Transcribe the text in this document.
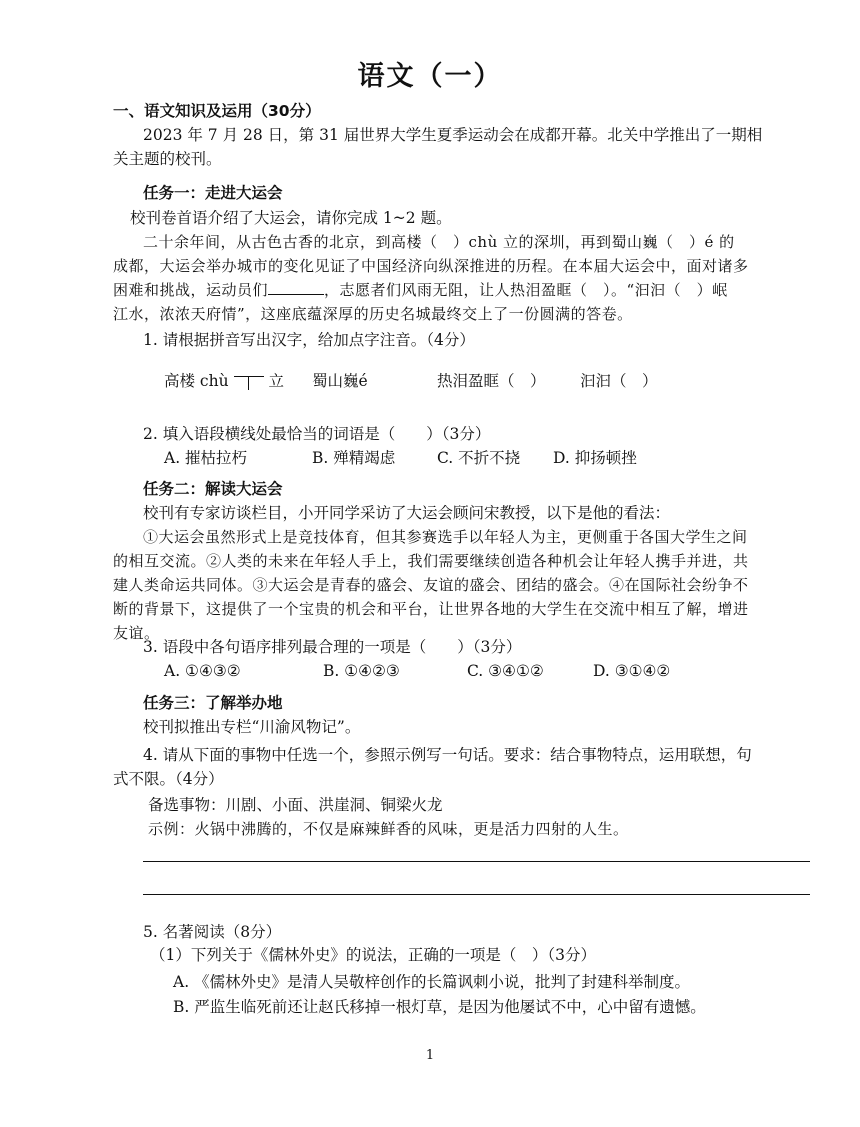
语文（一）
一、语文知识及运用（30分）
2023 年 7 月 28 日，第 31 届世界大学生夏季运动会在成都开幕。北关中学推出了一期相
关主题的校刊。
任务一：走进大运会
校刊卷首语介绍了大运会，请你完成 1~2 题。
二十余年间，从古色古香的北京，到高楼（　）chù 立的深圳，再到蜀山巍（　）é 的
成都，大运会举办城市的变化见证了中国经济向纵深推进的历程。在本届大运会中，面对诸多
困难和挑战，运动员们	，志愿者们风雨无阻，让人热泪盈眶（　）。“汩汩（　）岷
江水，浓浓天府情”，这座底蕴深厚的历史名城最终交上了一份圆满的答卷。
1. 请根据拼音写出汉字，给加点字注音。（4分）
高楼 chù	立 蜀山巍é	热泪盈眶（　） 汩汩（　）
2. 填入语段横线处最恰当的词语是（　　）（3分）
A. 摧枯拉朽	B. 殚精竭虑	C. 不折不挠 D. 抑扬顿挫
任务二：解读大运会
校刊有专家访谈栏目，小开同学采访了大运会顾问宋教授，以下是他的看法：
①大运会虽然形式上是竞技体育，但其参赛选手以年轻人为主，更侧重于各国大学生之间
的相互交流。②人类的未来在年轻人手上，我们需要继续创造各种机会让年轻人携手并进，共
建人类命运共同体。③大运会是青春的盛会、友谊的盛会、团结的盛会。④在国际社会纷争不
断的背景下，这提供了一个宝贵的机会和平台，让世界各地的大学生在交流中相互了解，增进
友谊。
3. 语段中各句语序排列最合理的一项是（　　）（3分）
A. ①④③②	B. ①④②③	C. ③④①②	D. ③①④②
任务三：了解举办地
校刊拟推出专栏“川渝风物记”。
4. 请从下面的事物中任选一个，参照示例写一句话。要求：结合事物特点，运用联想，句
式不限。（4分）
备选事物：川剧、小面、洪崖洞、铜梁火龙
示例：火锅中沸腾的，不仅是麻辣鲜香的风味，更是活力四射的人生。
5. 名著阅读（8分）
（1）下列关于《儒林外史》的说法，正确的一项是（　）（3分）
A. 《儒林外史》是清人吴敬梓创作的长篇讽刺小说，批判了封建科举制度。
B. 严监生临死前还让赵氏移掉一根灯草，是因为他屡试不中，心中留有遗憾。
1
